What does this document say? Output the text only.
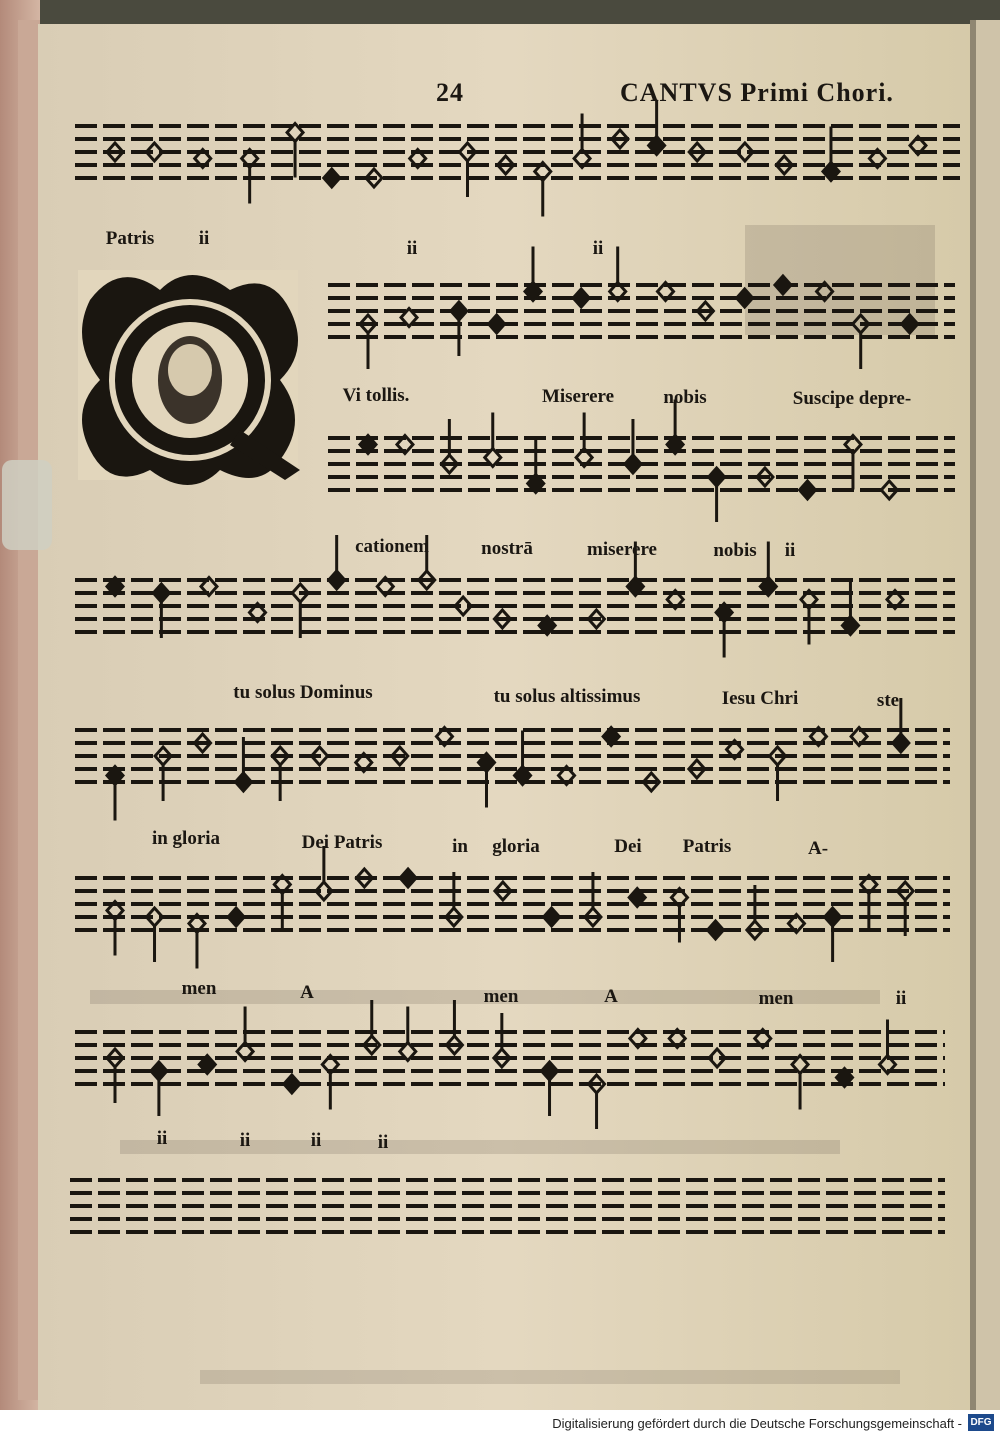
24	CANTVS Primi Chori.
Patris ii	ii	ii
Vi tollis.	Miserere	nobis	Suscipe depre-
cationem	nostrā	miserere	nobis ii
tu solus Dominus	tu solus altissimus	Iesu Chri	ste
in gloria	Dei Patris	in gloria	Dei Patris	A-
men	A	men	A	men	ii
ii	ii	ii	ii
Digitalisierung gefördert durch die Deutsche Forschungsgemeinschaft - DFG
